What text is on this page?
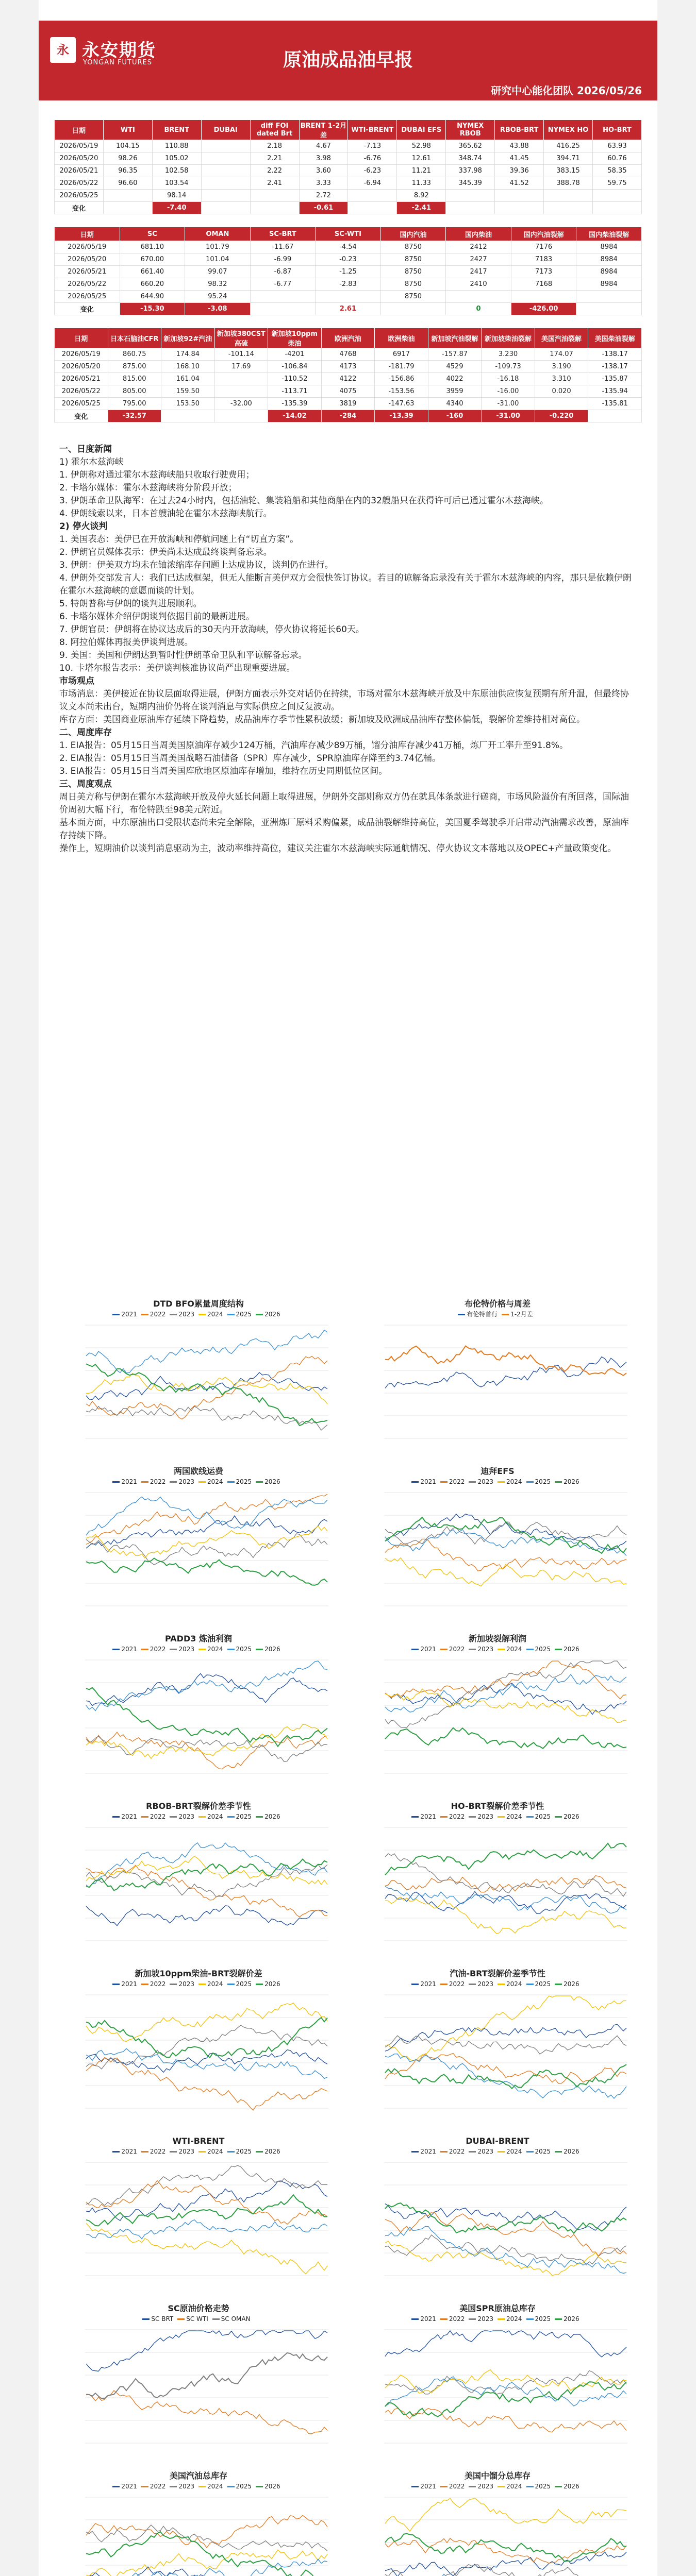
永 永安期货
YONGAN FUTURES	原油成品油早报
研究中心能化团队 2026/05/26
日期	WTI	BRENT	DUBAI	diff FOI dated Brt	BRENT 1-2月差	WTI-BRENT	DUBAI EFS	NYMEX RBOB	RBOB-BRT	NYMEX HO	HO-BRT
2026/05/19	104.15	110.88		2.18	4.67	-7.13	52.98	365.62	43.88	416.25	63.93
2026/05/20	98.26	105.02		2.21	3.98	-6.76	12.61	348.74	41.45	394.71	60.76
2026/05/21	96.35	102.58		2.22	3.60	-6.23	11.21	337.98	39.36	383.15	58.35
2026/05/22	96.60	103.54		2.41	3.33	-6.94	11.33	345.39	41.52	388.78	59.75
2026/05/25		98.14			2.72		8.92				
变化		-7.40			-0.61		-2.41				
日期	SC	OMAN	SC-BRT	SC-WTI	国内汽油	国内柴油	国内汽油裂解	国内柴油裂解
2026/05/19	681.10	101.79	-11.67	-4.54	8750	2412	7176	8984
2026/05/20	670.00	101.04	-6.99	-0.23	8750	2427	7183	8984
2026/05/21	661.40	99.07	-6.87	-1.25	8750	2417	7173	8984
2026/05/22	660.20	98.32	-6.77	-2.83	8750	2410	7168	8984
2026/05/25	644.90	95.24			8750			
变化	-15.30	-3.08		2.61		0	-426.00	
日期	日本石脑油CFR	新加坡92#汽油	新加坡380CST高硫	新加坡10ppm柴油	欧洲汽油	欧洲柴油	新加坡汽油裂解	新加坡柴油裂解	美国汽油裂解	美国柴油裂解
2026/05/19	860.75	174.84	-101.14	-4201	4768	6917	-157.87	3.230	174.07	-138.17
2026/05/20	875.00	168.10	17.69	-106.84	4173	-181.79	4529	-109.73	3.190	-138.17
2026/05/21	815.00	161.04		-110.52	4122	-156.86	4022	-16.18	3.310	-135.87
2026/05/22	805.00	159.50		-113.71	4075	-153.56	3959	-16.00	0.020	-135.94
2026/05/25	795.00	153.50	-32.00	-135.39	3819	-147.63	4340	-31.00		-135.81
变化	-32.57			-14.02	-284	-13.39	-160	-31.00	-0.220	

一、日度新闻

1) 霍尔木兹海峡

1. 伊朗称对通过霍尔木兹海峡船只收取行驶费用；

2. 卡塔尔媒体：霍尔木兹海峡将分阶段开放；

3. 伊朗革命卫队海军：在过去24小时内，包括油轮、集装箱船和其他商船在内的32艘船只在获得许可后已通过霍尔木兹海峡。

4. 伊朗线索以来，日本首艘油轮在霍尔木兹海峡航行。

2) 停火谈判

1. 美国表态：美伊已在开放海峡和停航问题上有“切直方案”。

2. 伊朗官员媒体表示：伊美尚未达成最终谈判备忘录。

3. 伊朗：伊美双方均未在铀浓缩库存问题上达成协议，谈判仍在进行。

4. 伊朗外交部发言人：我们已达成框架，但无人能断言美伊双方会很快签订协议。若目的谅解备忘录没有关于霍尔木兹海峡的内容，那只是依赖伊朗在霍尔木兹海峡的意愿而谈的计划。

5. 特朗普称与伊朗的谈判进展顺利。

6. 卡塔尔媒体介绍伊朗谈判依据目前的最新进展。

7. 伊朗官员：伊朗将在协议达成后的30天内开放海峡，停火协议将延长60天。

8. 阿拉伯媒体再报美伊谈判进展。

9. 美国：美国和伊朗达到暂时性伊朗革命卫队和平谅解备忘录。

10. 卡塔尔报告表示：美伊谈判核准协议尚严出现重要进展。

市场观点

市场消息：美伊接近在协议层面取得进展，伊朗方面表示外交对话仍在持续，市场对霍尔木兹海峡开放及中东原油供应恢复预期有所升温，但最终协议文本尚未出台，短期内油价仍将在谈判消息与实际供应之间反复波动。

库存方面：美国商业原油库存延续下降趋势，成品油库存季节性累积放缓；新加坡及欧洲成品油库存整体偏低，裂解价差维持相对高位。

二、周度库存

1. EIA报告：05月15日当周美国原油库存减少124万桶，汽油库存减少89万桶，馏分油库存减少41万桶，炼厂开工率升至91.8%。

2. EIA报告：05月15日当周美国战略石油储备（SPR）库存减少，SPR原油库存降至约3.74亿桶。

3. EIA报告：05月15日当周美国库欣地区原油库存增加，维持在历史同期低位区间。

三、周度观点

周日美方称与伊朗在霍尔木兹海峡开放及停火延长问题上取得进展，伊朗外交部则称双方仍在就具体条款进行磋商，市场风险溢价有所回落，国际油价周初大幅下行，布伦特跌至98美元附近。

基本面方面，中东原油出口受限状态尚未完全解除，亚洲炼厂原料采购偏紧，成品油裂解维持高位，美国夏季驾驶季开启带动汽油需求改善，原油库存持续下降。

操作上，短期油价以谈判消息驱动为主，波动率维持高位，建议关注霍尔木兹海峡实际通航情况、停火协议文本落地以及OPEC+产量政策变化。

DTD BFO累量周度结构
2021 2022 2023 2024 2025 2026
布伦特价格与周差
布伦特首行 1-2月差
两国欧线运费
2021 2022 2023 2024 2025 2026
迪拜EFS
2021 2022 2023 2024 2025 2026
PADD3 炼油利润
2021 2022 2023 2024 2025 2026
新加坡裂解利润
2021 2022 2023 2024 2025 2026
RBOB-BRT裂解价差季节性
2021 2022 2023 2024 2025 2026
HO-BRT裂解价差季节性
2021 2022 2023 2024 2025 2026
新加坡10ppm柴油-BRT裂解价差
2021 2022 2023 2024 2025 2026
汽油-BRT裂解价差季节性
2021 2022 2023 2024 2025 2026
WTI-BRENT
2021 2022 2023 2024 2025 2026
DUBAI-BRENT
2021 2022 2023 2024 2025 2026
SC原油价格走势
SC BRT SC WTI SC OMAN
美国SPR原油总库存
2021 2022 2023 2024 2025 2026
美国汽油总库存
2021 2022 2023 2024 2025 2026
美国中馏分总库存
2021 2022 2023 2024 2025 2026
